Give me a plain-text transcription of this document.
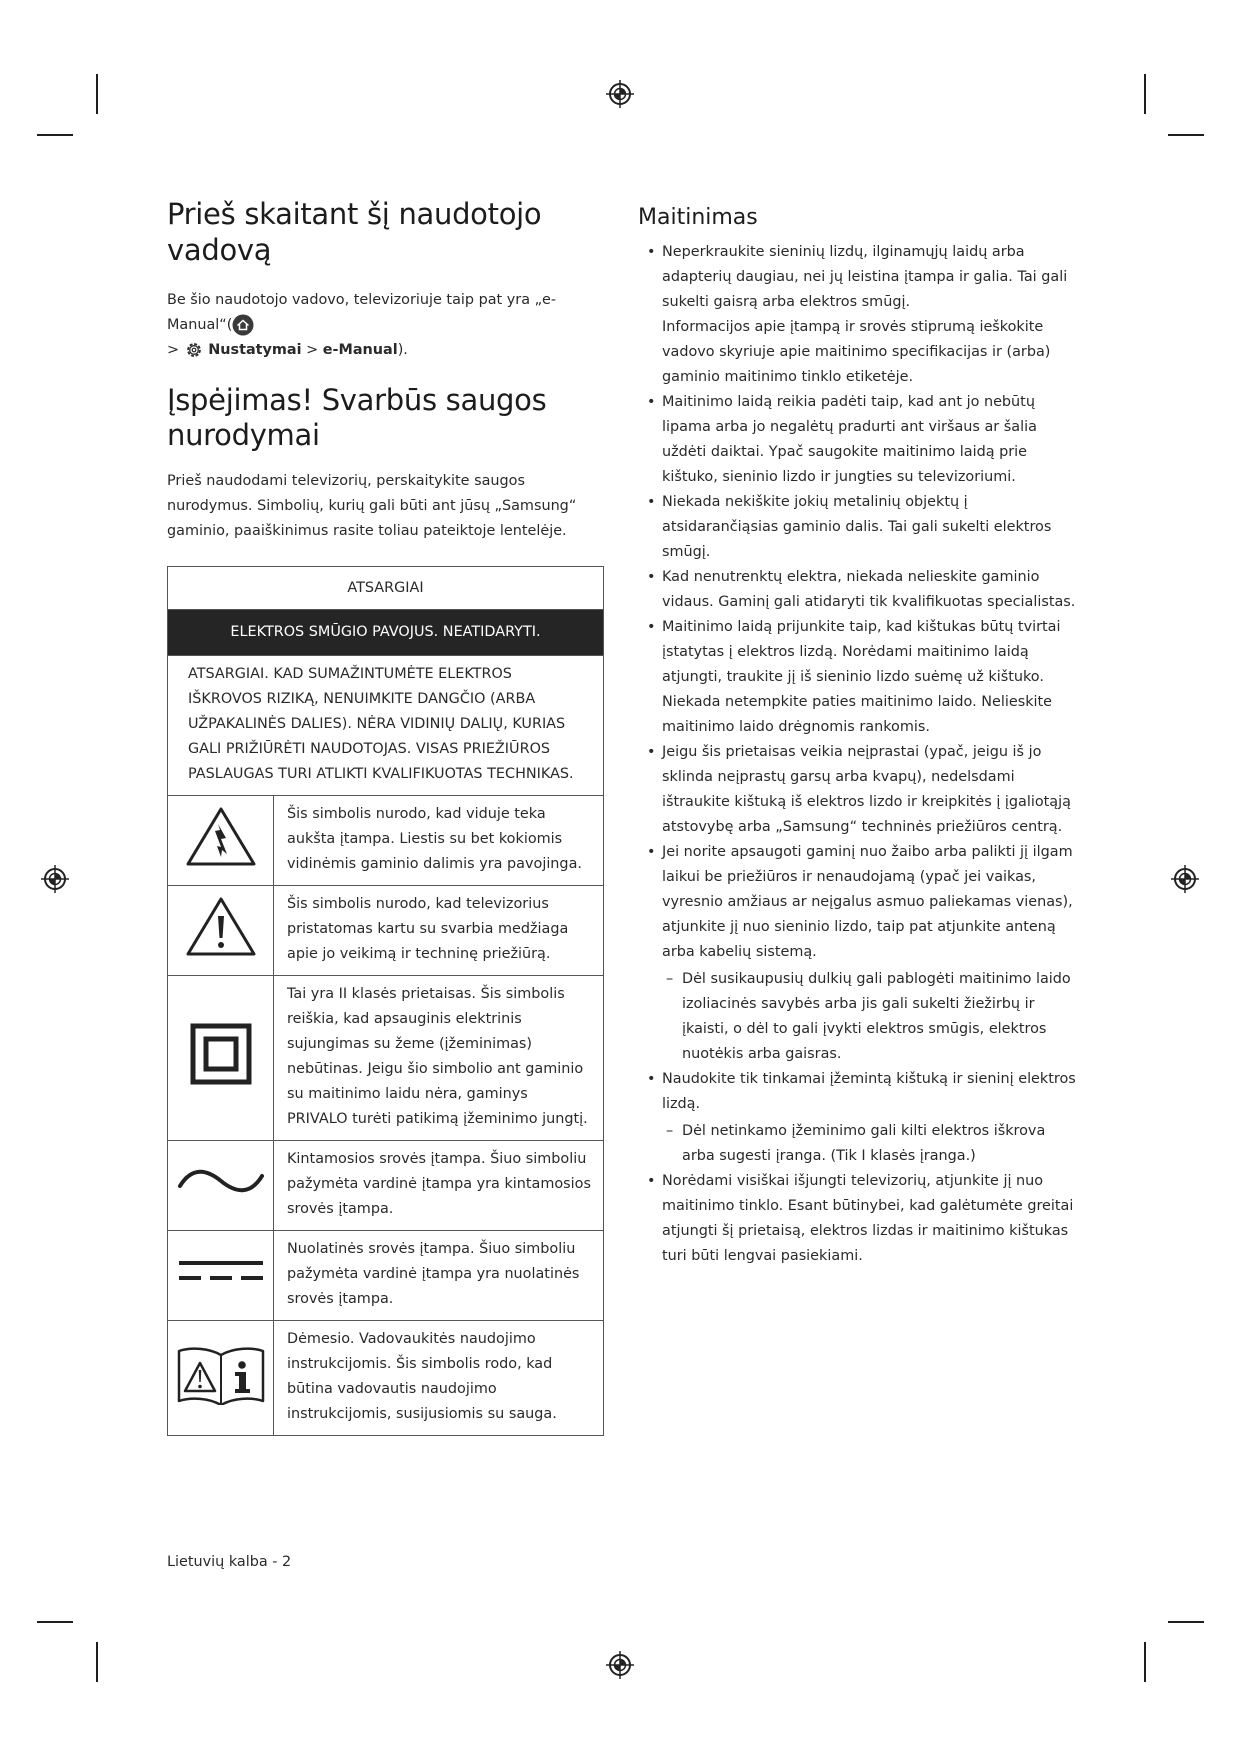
Prieš skaitant šį naudotojo vadovą

Be šio naudotojo vadovo, televizoriuje taip pat yra „e-Manual“(
> Nustatymai > e-Manual).

Įspėjimas! Svarbūs saugos nurodymai

Prieš naudodami televizorių, perskaitykite saugos nurodymus. Simbolių, kurių gali būti ant jūsų „Samsung“ gaminio, paaiškinimus rasite toliau pateiktoje lentelėje.

ATSARGIAI	
ELEKTROS SMŪGIO PAVOJUS. NEATIDARYTI.	
ATSARGIAI. KAD SUMAŽINTUMĖTE ELEKTROS IŠKROVOS RIZIKĄ, NENUIMKITE DANGČIO (ARBA UŽPAKALINĖS DALIES). NĖRA VIDINIŲ DALIŲ, KURIAS GALI PRIŽIŪRĖTI NAUDOTOJAS. VISAS PRIEŽIŪROS PASLAUGAS TURI ATLIKTI KVALIFIKUOTAS TECHNIKAS.	
	Šis simbolis nurodo, kad viduje teka aukšta įtampa. Liestis su bet kokiomis vidinėmis gaminio dalimis yra pavojinga.
	Šis simbolis nurodo, kad televizorius pristatomas kartu su svarbia medžiaga apie jo veikimą ir techninę priežiūrą.
	Tai yra II klasės prietaisas. Šis simbolis reiškia, kad apsauginis elektrinis sujungimas su žeme (įžeminimas) nebūtinas. Jeigu šio simbolio ant gaminio su maitinimo laidu nėra, gaminys PRIVALO turėti patikimą įžeminimo jungtį.
	Kintamosios srovės įtampa. Šiuo simboliu pažymėta vardinė įtampa yra kintamosios srovės įtampa.
	Nuolatinės srovės įtampa. Šiuo simboliu pažymėta vardinė įtampa yra nuolatinės srovės įtampa.
	Dėmesio. Vadovaukitės naudojimo instrukcijomis. Šis simbolis rodo, kad būtina vadovautis naudojimo instrukcijomis, susijusiomis su sauga.
Maitinimas
• Neperkraukite sieninių lizdų, ilginamųjų laidų arba adapterių daugiau, nei jų leistina įtampa ir galia. Tai gali sukelti gaisrą arba elektros smūgį.
Informacijos apie įtampą ir srovės stiprumą ieškokite vadovo skyriuje apie maitinimo specifikacijas ir (arba) gaminio maitinimo tinklo etiketėje.
• Maitinimo laidą reikia padėti taip, kad ant jo nebūtų lipama arba jo negalėtų pradurti ant viršaus ar šalia uždėti daiktai. Ypač saugokite maitinimo laidą prie kištuko, sieninio lizdo ir jungties su televizoriumi.
• Niekada nekiškite jokių metalinių objektų į atsidarančiąsias gaminio dalis. Tai gali sukelti elektros smūgį.
• Kad nenutrenktų elektra, niekada nelieskite gaminio vidaus. Gaminį gali atidaryti tik kvalifikuotas specialistas.
• Maitinimo laidą prijunkite taip, kad kištukas būtų tvirtai įstatytas į elektros lizdą. Norėdami maitinimo laidą atjungti, traukite jį iš sieninio lizdo suėmę už kištuko. Niekada netempkite paties maitinimo laido. Nelieskite maitinimo laido drėgnomis rankomis.
• Jeigu šis prietaisas veikia neįprastai (ypač, jeigu iš jo sklinda neįprastų garsų arba kvapų), nedelsdami ištraukite kištuką iš elektros lizdo ir kreipkitės į įgaliotąją atstovybę arba „Samsung“ techninės priežiūros centrą.
• Jei norite apsaugoti gaminį nuo žaibo arba palikti jį ilgam laikui be priežiūros ir nenaudojamą (ypač jei vaikas, vyresnio amžiaus ar neįgalus asmuo paliekamas vienas), atjunkite jį nuo sieninio lizdo, taip pat atjunkite anteną arba kabelių sistemą.
– Dėl susikaupusių dulkių gali pablogėti maitinimo laido izoliacinės savybės arba jis gali sukelti žiežirbų ir įkaisti, o dėl to gali įvykti elektros smūgis, elektros nuotėkis arba gaisras.
• Naudokite tik tinkamai įžemintą kištuką ir sieninį elektros lizdą.
– Dėl netinkamo įžeminimo gali kilti elektros iškrova arba sugesti įranga. (Tik I klasės įranga.)
• Norėdami visiškai išjungti televizorių, atjunkite jį nuo maitinimo tinklo. Esant būtinybei, kad galėtumėte greitai atjungti šį prietaisą, elektros lizdas ir maitinimo kištukas turi būti lengvai pasiekiami.
Lietuvių kalba - 2
